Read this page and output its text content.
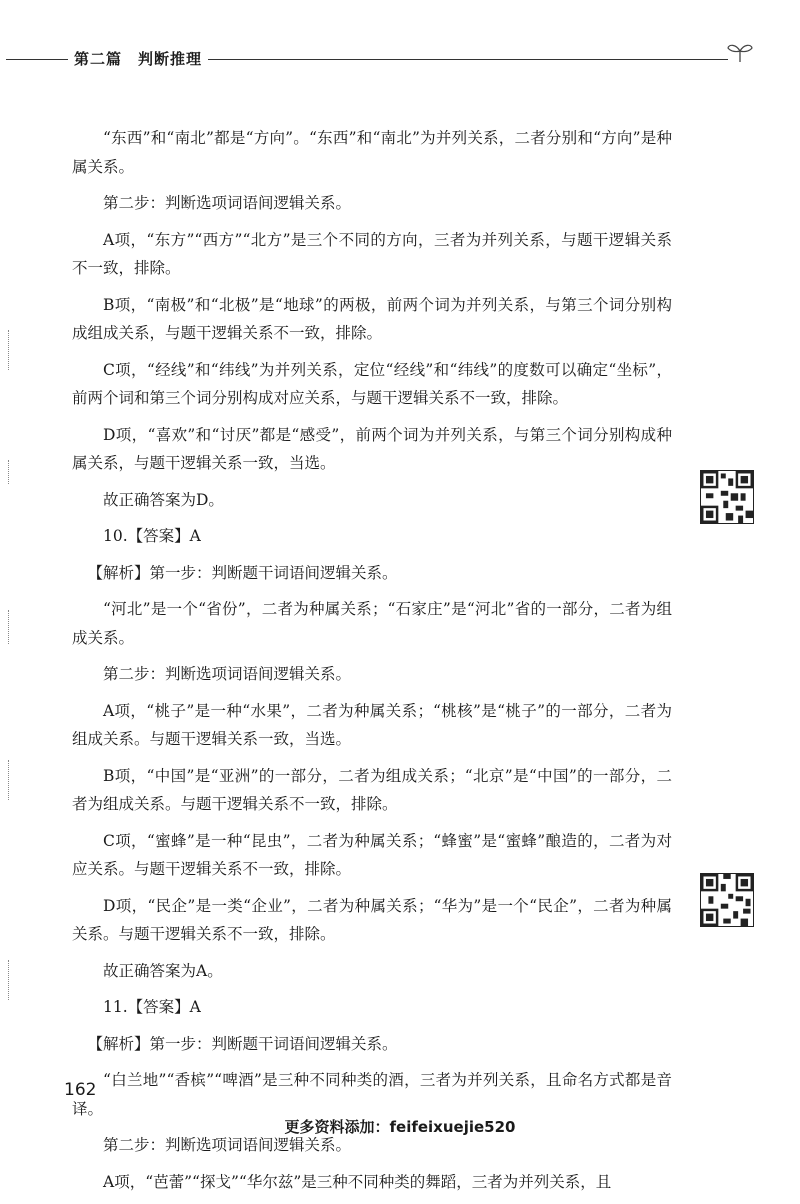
第二篇 判断推理

“东西”和“南北”都是“方向”。“东西”和“南北”为并列关系，二者分别和“方向”是种属关系。

第二步：判断选项词语间逻辑关系。

A项，“东方”“西方”“北方”是三个不同的方向，三者为并列关系，与题干逻辑关系不一致，排除。

B项，“南极”和“北极”是“地球”的两极，前两个词为并列关系，与第三个词分别构成组成关系，与题干逻辑关系不一致，排除。

C项，“经线”和“纬线”为并列关系，定位“经线”和“纬线”的度数可以确定“坐标”，前两个词和第三个词分别构成对应关系，与题干逻辑关系不一致，排除。

D项，“喜欢”和“讨厌”都是“感受”，前两个词为并列关系，与第三个词分别构成种属关系，与题干逻辑关系一致，当选。

故正确答案为D。

10.【答案】A

【解析】第一步：判断题干词语间逻辑关系。

“河北”是一个“省份”，二者为种属关系；“石家庄”是“河北”省的一部分，二者为组成关系。

第二步：判断选项词语间逻辑关系。

A项，“桃子”是一种“水果”，二者为种属关系；“桃核”是“桃子”的一部分，二者为组成关系。与题干逻辑关系一致，当选。

B项，“中国”是“亚洲”的一部分，二者为组成关系；“北京”是“中国”的一部分，二者为组成关系。与题干逻辑关系不一致，排除。

C项，“蜜蜂”是一种“昆虫”，二者为种属关系；“蜂蜜”是“蜜蜂”酿造的，二者为对应关系。与题干逻辑关系不一致，排除。

D项，“民企”是一类“企业”，二者为种属关系；“华为”是一个“民企”，二者为种属关系。与题干逻辑关系不一致，排除。

故正确答案为A。

11.【答案】A

【解析】第一步：判断题干词语间逻辑关系。

“白兰地”“香槟”“啤酒”是三种不同种类的酒，三者为并列关系，且命名方式都是音译。

第二步：判断选项词语间逻辑关系。

A项，“芭蕾”“探戈”“华尔兹”是三种不同种类的舞蹈，三者为并列关系，且

162
更多资料添加：feifeixuejie520
